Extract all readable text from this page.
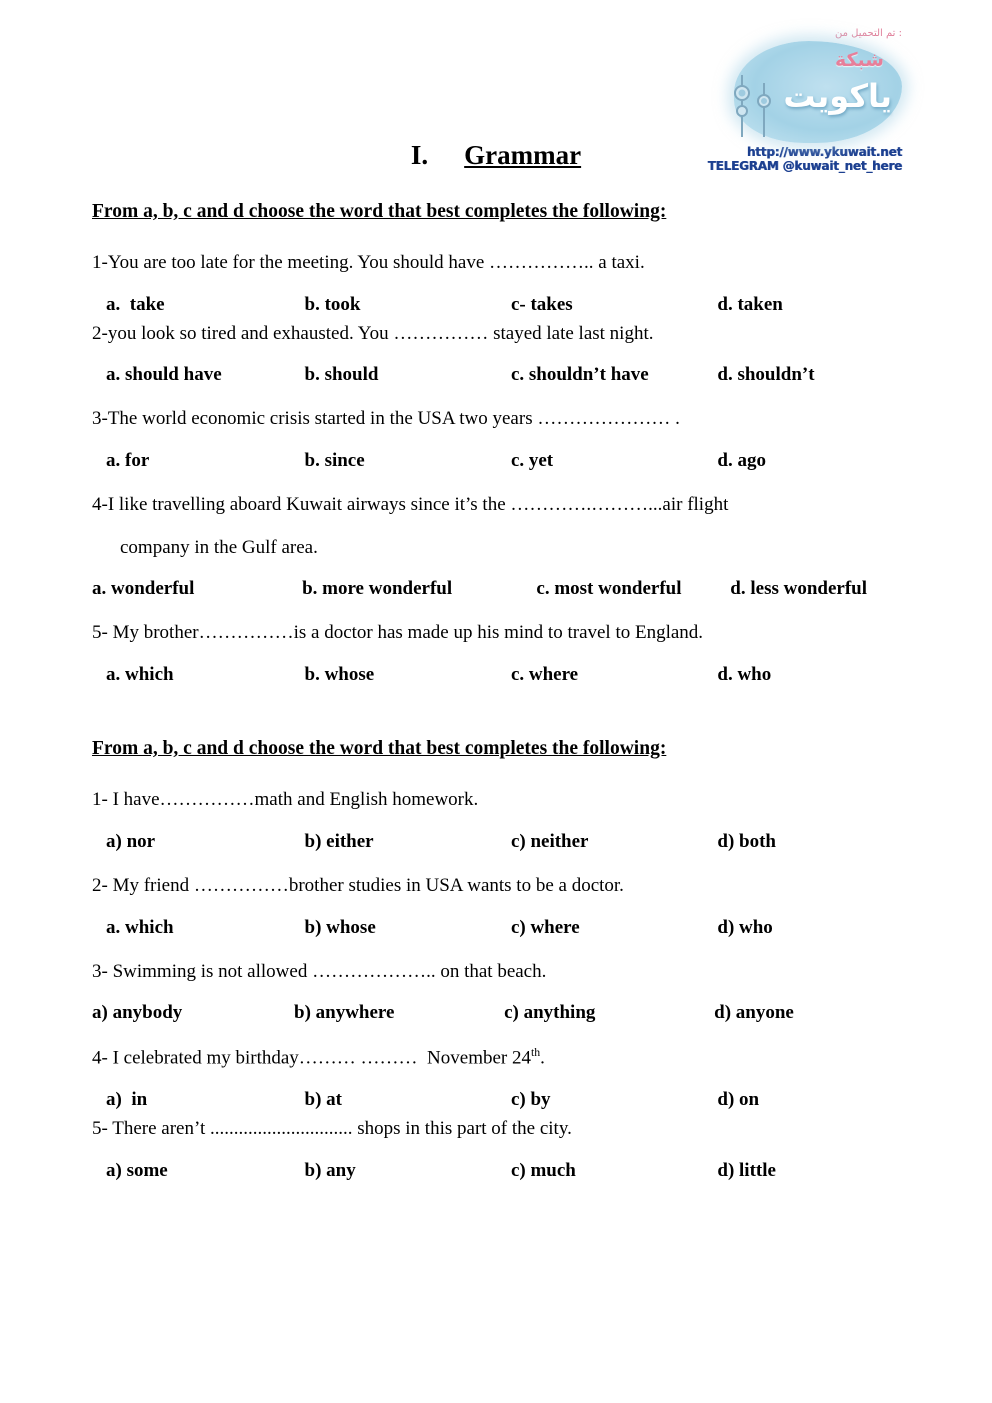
تم التحميل من :
شبكة
ياكويت
http://www.ykuwait.net
TELEGRAM @kuwait_net_here
I. Grammar
From a, b, c and d choose the word that best completes the following:

1-You are too late for the meeting. You should have …………….. a taxi.

a.  take	b. took	c- takes	d. taken

2-you look so tired and exhausted. You …………… stayed late last night.

a. should have	b. should	c. shouldn’t have	d. shouldn’t

3-The world economic crisis started in the USA two years ………………… .

a. for	b. since	c. yet	d. ago

4-I like travelling aboard Kuwait airways since it’s the ………….………...air flight

company in the Gulf area.

a. wonderful	b. more wonderful	c. most wonderful	d. less wonderful

5- My brother……………is a doctor has made up his mind to travel to England.

a. which	b. whose	c. where	d. who
From a, b, c and d choose the word that best completes the following:

1- I have……………math and English homework.

a) nor	b) either	c) neither	d) both

2- My friend ……………brother studies in USA wants to be a doctor.

a. which	b) whose	c) where	d) who

3- Swimming is not allowed ……………….. on that beach.

a) anybody	b) anywhere	c) anything	d) anyone

4- I celebrated my birthday……… ………  November 24th.

a)  in	b) at	c) by	d) on

5- There aren’t .............................. shops in this part of the city.

a) some	b) any	c) much	d) little
